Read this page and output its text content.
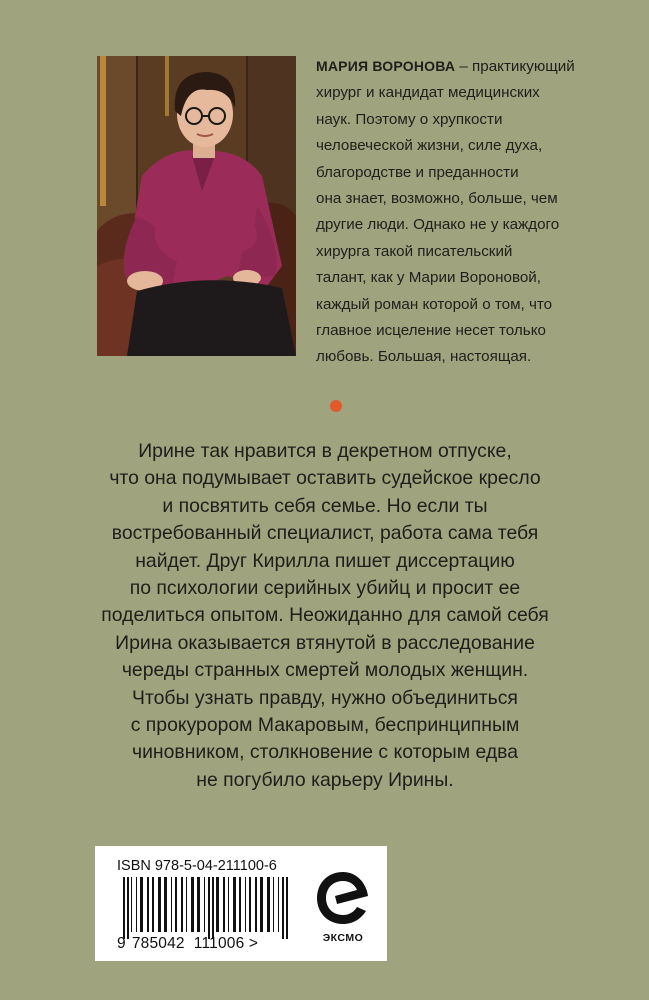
МАРИЯ ВОРОНОВА – практикующий
хирург и кандидат медицинских
наук. Поэтому о хрупкости
человеческой жизни, силе духа,
благородстве и преданности
она знает, возможно, больше, чем
другие люди. Однако не у каждого
хирурга такой писательский
талант, как у Марии Вороновой,
каждый роман которой о том, что
главное исцеление несет только
любовь. Большая, настоящая.
Ирине так нравится в декретном отпуске,
что она подумывает оставить судейское кресло
и посвятить себя семье. Но если ты
востребованный специалист, работа сама тебя
найдет. Друг Кирилла пишет диссертацию
по психологии серийных убийц и просит ее
поделиться опытом. Неожиданно для самой себя
Ирина оказывается втянутой в расследование
череды странных смертей молодых женщин.
Чтобы узнать правду, нужно объединиться
с прокурором Макаровым, беспринципным
чиновником, столкновение с которым едва
не погубило карьеру Ирины.
ISBN 978-5-04-211100-6
9 785042 111006 >	ЭКСМО
